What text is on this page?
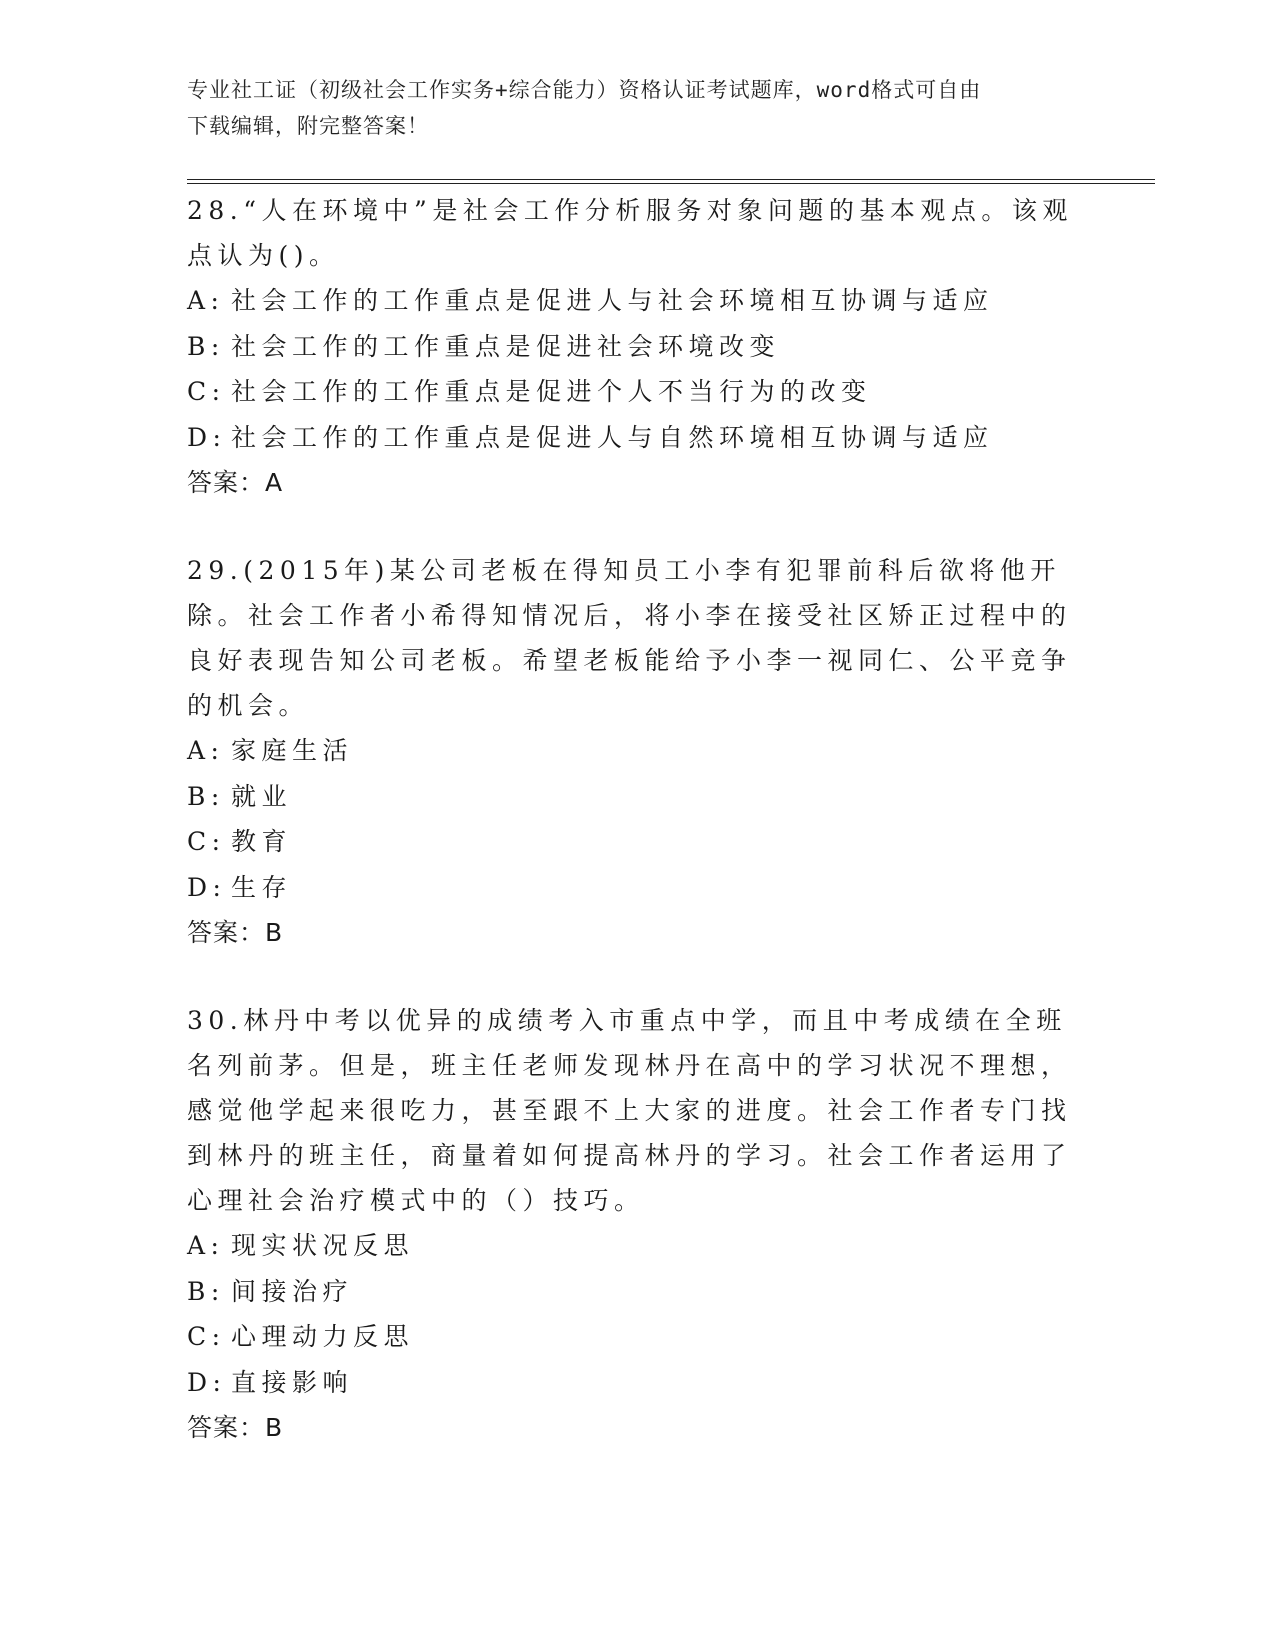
专业社工证（初级社会工作实务+综合能力）资格认证考试题库，word格式可自由
下载编辑，附完整答案！

28.“人在环境中”是社会工作分析服务对象问题的基本观点。该观点认为()。

A: 社会工作的工作重点是促进人与社会环境相互协调与适应
B: 社会工作的工作重点是促进社会环境改变
C: 社会工作的工作重点是促进个人不当行为的改变
D: 社会工作的工作重点是促进人与自然环境相互协调与适应
答案：A

29.(2015年)某公司老板在得知员工小李有犯罪前科后欲将他开除。社会工作者小希得知情况后，将小李在接受社区矫正过程中的良好表现告知公司老板。希望老板能给予小李一视同仁、公平竞争的机会。

A: 家庭生活
B: 就业
C: 教育
D: 生存
答案：B

30.林丹中考以优异的成绩考入市重点中学，而且中考成绩在全班名列前茅。但是，班主任老师发现林丹在高中的学习状况不理想，感觉他学起来很吃力，甚至跟不上大家的进度。社会工作者专门找到林丹的班主任，商量着如何提高林丹的学习。社会工作者运用了心理社会治疗模式中的（）技巧。

A: 现实状况反思
B: 间接治疗
C: 心理动力反思
D: 直接影响
答案：B
